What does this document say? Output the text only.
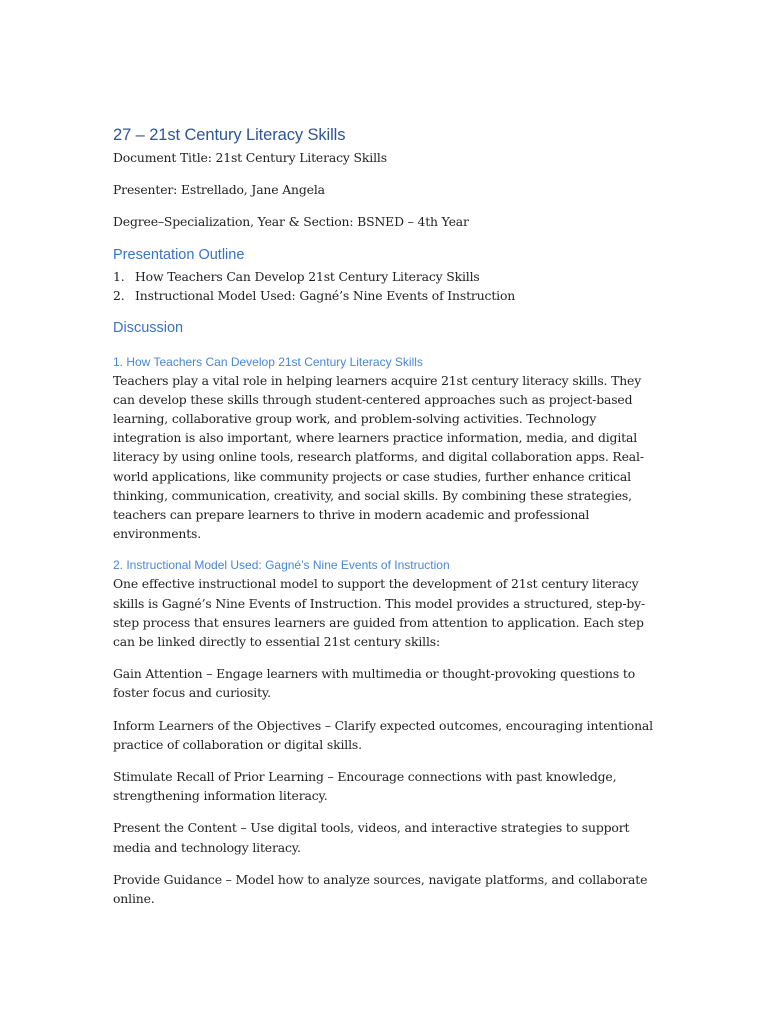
27 – 21st Century Literacy Skills

Document Title: 21st Century Literacy Skills

Presenter: Estrellado, Jane Angela

Degree–Specialization, Year & Section: BSNED – 4th Year

Presentation Outline
1. How Teachers Can Develop 21st Century Literacy Skills
2. Instructional Model Used: Gagné’s Nine Events of Instruction
Discussion
1. How Teachers Can Develop 21st Century Literacy Skills

Teachers play a vital role in helping learners acquire 21st century literacy skills. They can develop these skills through student-centered approaches such as project-based learning, collaborative group work, and problem-solving activities. Technology integration is also important, where learners practice information, media, and digital literacy by using online tools, research platforms, and digital collaboration apps. Real-world applications, like community projects or case studies, further enhance critical thinking, communication, creativity, and social skills. By combining these strategies, teachers can prepare learners to thrive in modern academic and professional environments.

2. Instructional Model Used: Gagné’s Nine Events of Instruction

One effective instructional model to support the development of 21st century literacy skills is Gagné’s Nine Events of Instruction. This model provides a structured, step-by-step process that ensures learners are guided from attention to application. Each step can be linked directly to essential 21st century skills:

Gain Attention – Engage learners with multimedia or thought-provoking questions to foster focus and curiosity.

Inform Learners of the Objectives – Clarify expected outcomes, encouraging intentional practice of collaboration or digital skills.

Stimulate Recall of Prior Learning – Encourage connections with past knowledge, strengthening information literacy.

Present the Content – Use digital tools, videos, and interactive strategies to support media and technology literacy.

Provide Guidance – Model how to analyze sources, navigate platforms, and collaborate online.
